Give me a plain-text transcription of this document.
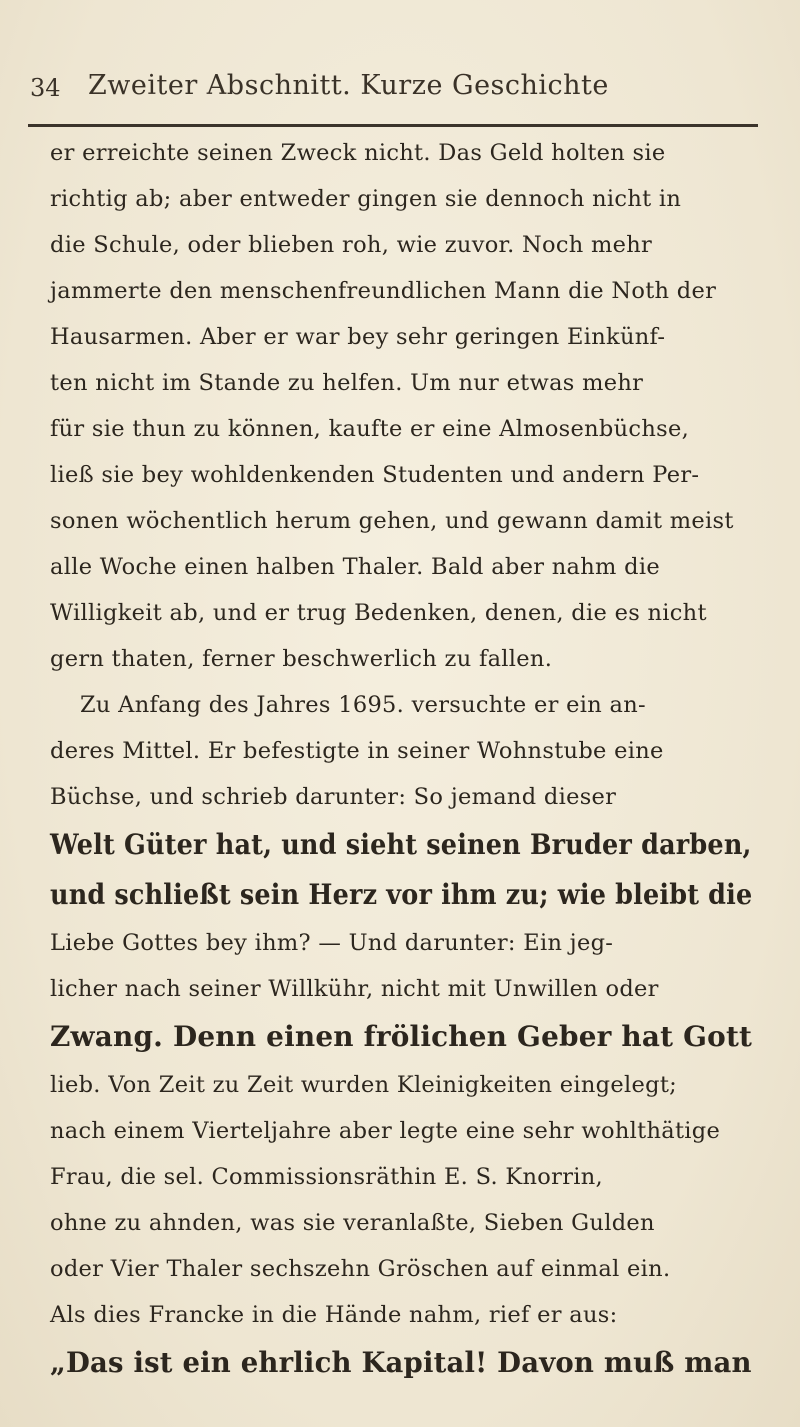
34 Zweiter Abschnitt. Kurze Geschichte
er erreichte seinen Zweck nicht. Das Geld holten sie
richtig ab; aber entweder gingen sie dennoch nicht in
die Schule, oder blieben roh, wie zuvor. Noch mehr
jammerte den menschenfreundlichen Mann die Noth der
Hausarmen. Aber er war bey sehr geringen Einkünf-
ten nicht im Stande zu helfen. Um nur etwas mehr
für sie thun zu können, kaufte er eine Almosenbüchse,
ließ sie bey wohldenkenden Studenten und andern Per-
sonen wöchentlich herum gehen, und gewann damit meist
alle Woche einen halben Thaler. Bald aber nahm die
Willigkeit ab, und er trug Bedenken, denen, die es nicht
gern thaten, ferner beschwerlich zu fallen.
Zu Anfang des Jahres 1695. versuchte er ein an-
deres Mittel. Er befestigte in seiner Wohnstube eine
Büchse, und schrieb darunter: So jemand dieser
Welt Güter hat, und sieht seinen Bruder darben,
und schließt sein Herz vor ihm zu; wie bleibt die
Liebe Gottes bey ihm? — Und darunter: Ein jeg-
licher nach seiner Willkühr, nicht mit Unwillen oder
Zwang. Denn einen frölichen Geber hat Gott
lieb. Von Zeit zu Zeit wurden Kleinigkeiten eingelegt;
nach einem Vierteljahre aber legte eine sehr wohlthätige
Frau, die sel. Commissionsräthin E. S. Knorrin,
ohne zu ahnden, was sie veranlaßte, Sieben Gulden
oder Vier Thaler sechszehn Gröschen auf einmal ein.
Als dies Francke in die Hände nahm, rief er aus:
„Das ist ein ehrlich Kapital! Davon muß man
